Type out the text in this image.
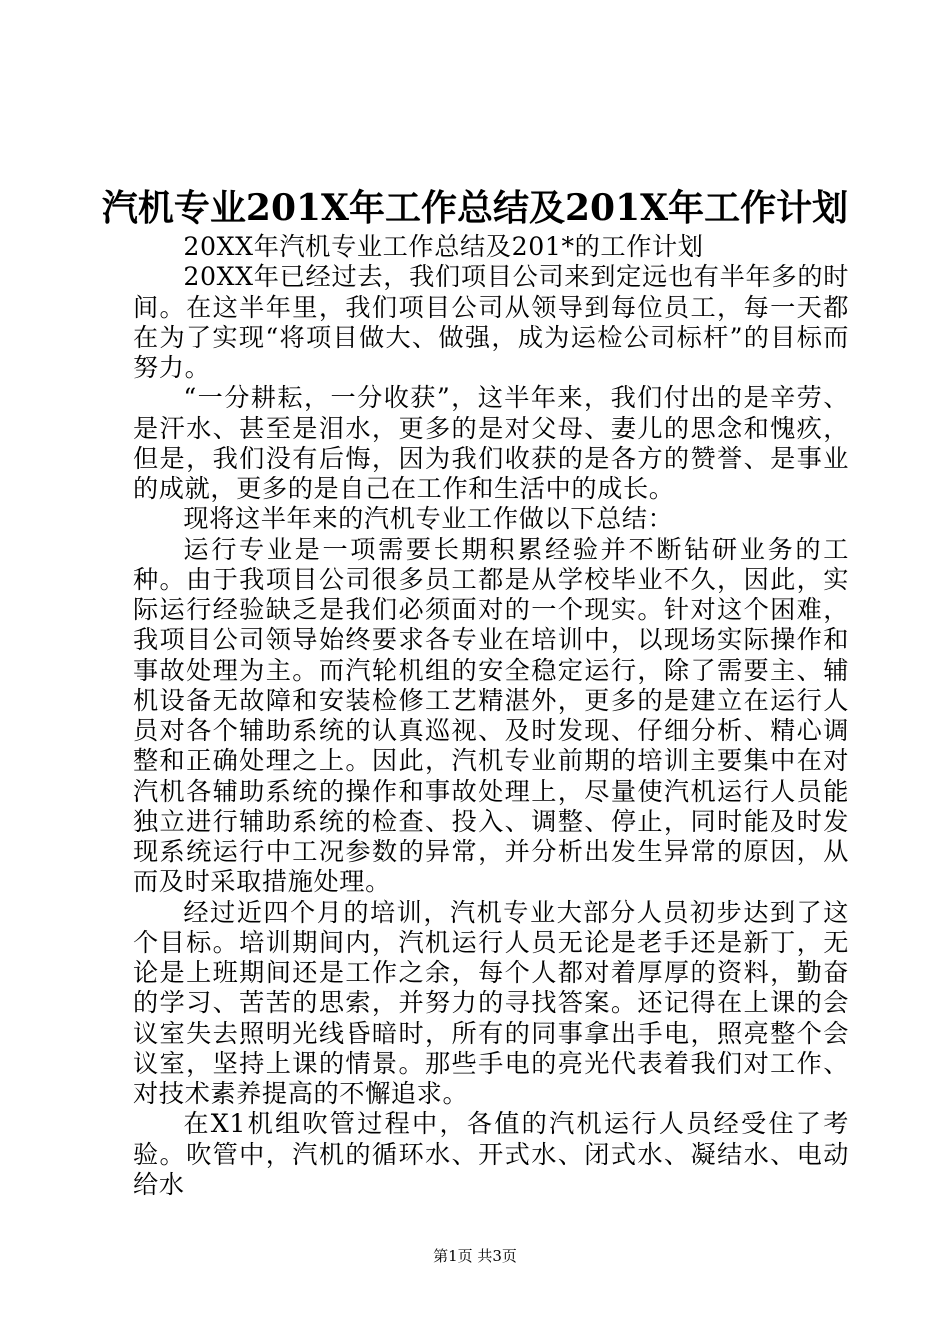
汽机专业201X年工作总结及201X年工作计划

20XX年汽机专业工作总结及201*的工作计划

20XX年已经过去，我们项目公司来到定远也有半年多的时间。在这半年里，我们项目公司从领导到每位员工，每一天都在为了实现“将项目做大、做强，成为运检公司标杆”的目标而努力。

“一分耕耘，一分收获”，这半年来，我们付出的是辛劳、是汗水、甚至是泪水，更多的是对父母、妻儿的思念和愧疚，但是，我们没有后悔，因为我们收获的是各方的赞誉、是事业的成就，更多的是自己在工作和生活中的成长。

现将这半年来的汽机专业工作做以下总结：

运行专业是一项需要长期积累经验并不断钻研业务的工种。由于我项目公司很多员工都是从学校毕业不久，因此，实际运行经验缺乏是我们必须面对的一个现实。针对这个困难，我项目公司领导始终要求各专业在培训中，以现场实际操作和事故处理为主。而汽轮机组的安全稳定运行，除了需要主、辅机设备无故障和安装检修工艺精湛外，更多的是建立在运行人员对各个辅助系统的认真巡视、及时发现、仔细分析、精心调整和正确处理之上。因此，汽机专业前期的培训主要集中在对汽机各辅助系统的操作和事故处理上，尽量使汽机运行人员能独立进行辅助系统的检查、投入、调整、停止，同时能及时发现系统运行中工况参数的异常，并分析出发生异常的原因，从而及时采取措施处理。

经过近四个月的培训，汽机专业大部分人员初步达到了这个目标。培训期间内，汽机运行人员无论是老手还是新丁，无论是上班期间还是工作之余，每个人都对着厚厚的资料，勤奋的学习、苦苦的思索，并努力的寻找答案。还记得在上课的会议室失去照明光线昏暗时，所有的同事拿出手电，照亮整个会议室，坚持上课的情景。那些手电的亮光代表着我们对工作、对技术素养提高的不懈追求。

在X1机组吹管过程中，各值的汽机运行人员经受住了考验。吹管中，汽机的循环水、开式水、闭式水、凝结水、电动给水

第1页 共3页
